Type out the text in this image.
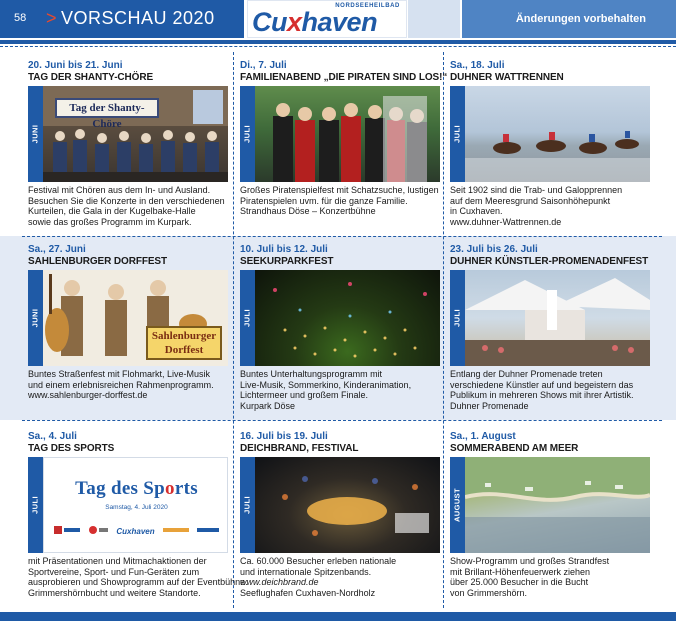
58 > VORSCHAU 2020
NORDSEEHEILBAD
Cuxhaven	Änderungen vorbehalten
20. Juni bis 21. Juni
TAG DER SHANTY-CHÖRE
JUNI
Tag der Shanty-Chöre

Festival mit Chören aus dem In- und Ausland.

Besuchen Sie die Konzerte in den verschiedenen

Kurteilen, die Gala in der Kugelbake-Halle

sowie das großes Programm im Kurpark.

Di., 7. Juli
FAMILIENABEND „DIE PIRATEN SIND LOS!“
JULI

Großes Piratenspielfest mit Schatzsuche, lustigen

Piratenspielen uvm. für die ganze Familie.

Strandhaus Döse – Konzertbühne

Sa., 18. Juli
DUHNER WATTRENNEN
JULI

Seit 1902 sind die Trab- und Galopprennen

auf dem Meeresgrund Saisonhöhepunkt

in Cuxhaven.

www.duhner-Wattrennen.de

Sa., 27. Juni
SAHLENBURGER DORFFEST
JUNI
Sahlenburger
Dorffest

Buntes Straßenfest mit Flohmarkt, Live-Musik

und einem erlebnisreichen Rahmenprogramm.

www.sahlenburger-dorffest.de

10. Juli bis 12. Juli
SEEKURPARKFEST
JULI

Buntes Unterhaltungsprogramm mit

Live-Musik, Sommerkino, Kinderanimation,

Lichtermeer und großem Finale.

Kurpark Döse

23. Juli bis 26. Juli
DUHNER KÜNSTLER-PROMENADENFEST
JULI

Entlang der Duhner Promenade treten

verschiedene Künstler auf und begeistern das

Publikum in mehreren Shows mit ihrer Artistik.

Duhner Promenade

Sa., 4. Juli
TAG DES SPORTS
JULI
Tag des Sports
Samstag, 4. Juli 2020
Cuxhaven

mit Präsentationen und Mitmachaktionen der

Sportvereine, Sport- und Fun-Geräten zum

ausprobieren und Showprogramm auf der Eventbühne.

Grimmershörnbucht und weitere Standorte.

16. Juli bis 19. Juli
DEICHBRAND, FESTIVAL
JULI

Ca. 60.000 Besucher erleben nationale

und internationale Spitzenbands.

www.deichbrand.de

Seeflughafen Cuxhaven-Nordholz

Sa., 1. August
SOMMERABEND AM MEER
AUGUST

Show-Programm und großes Strandfest

mit Brillant-Höhenfeuerwerk ziehen

über 25.000 Besucher in die Bucht

von Grimmershörn.
